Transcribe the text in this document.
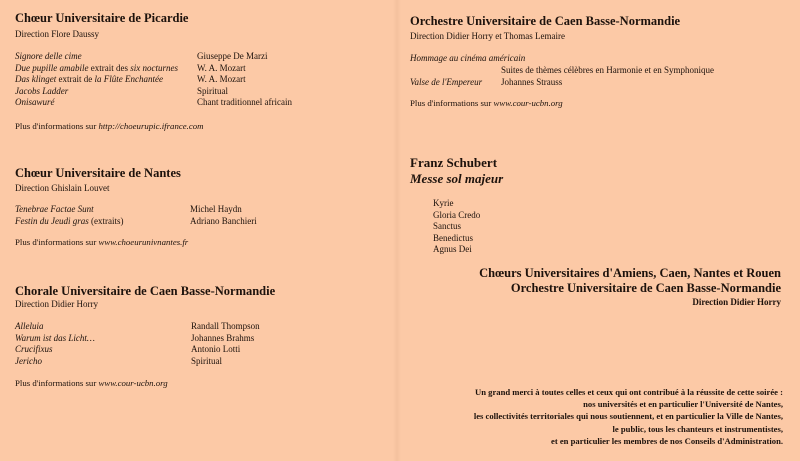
Chœur Universitaire de Picardie
Direction Flore Daussy
Signore delle cime
Due pupille amabile extrait des six nocturnes
Das klinget extrait de la Flûte Enchantée
Jacobs Ladder
Onisawuré
Giuseppe De Marzi
W. A. Mozart
W. A. Mozart
Spiritual
Chant traditionnel africain
Plus d'informations sur http://choeurupic.ifrance.com
Chœur Universitaire de Nantes
Direction Ghislain Louvet
Tenebrae Factae Sunt
Festin du Jeudi gras (extraits)
Michel Haydn
Adriano Banchieri
Plus d'informations sur www.choeurunivnantes.fr
Chorale Universitaire de Caen Basse-Normandie
Direction Didier Horry
Alleluia
Warum ist das Licht…
Crucifixus
Jericho
Randall Thompson
Johannes Brahms
Antonio Lotti
Spiritual
Plus d'informations sur www.cour-ucbn.org
Orchestre Universitaire de Caen Basse-Normandie
Direction Didier Horry et Thomas Lemaire
Hommage au cinéma américain
Suites de thèmes célèbres en Harmonie et en Symphonique
Valse de l'Empereur Johannes Strauss
Plus d'informations sur www.cour-ucbn.org
Franz Schubert
Messe sol majeur
Kyrie
Gloria Credo
Sanctus
Benedictus
Agnus Dei
Chœurs Universitaires d'Amiens, Caen, Nantes et Rouen
Orchestre Universitaire de Caen Basse-Normandie
Direction Didier Horry
Un grand merci à toutes celles et ceux qui ont contribué à la réussite de cette soirée :
nos universités et en particulier l'Université de Nantes,
les collectivités territoriales qui nous soutiennent, et en particulier la Ville de Nantes,
le public, tous les chanteurs et instrumentistes,
et en particulier les membres de nos Conseils d'Administration.
